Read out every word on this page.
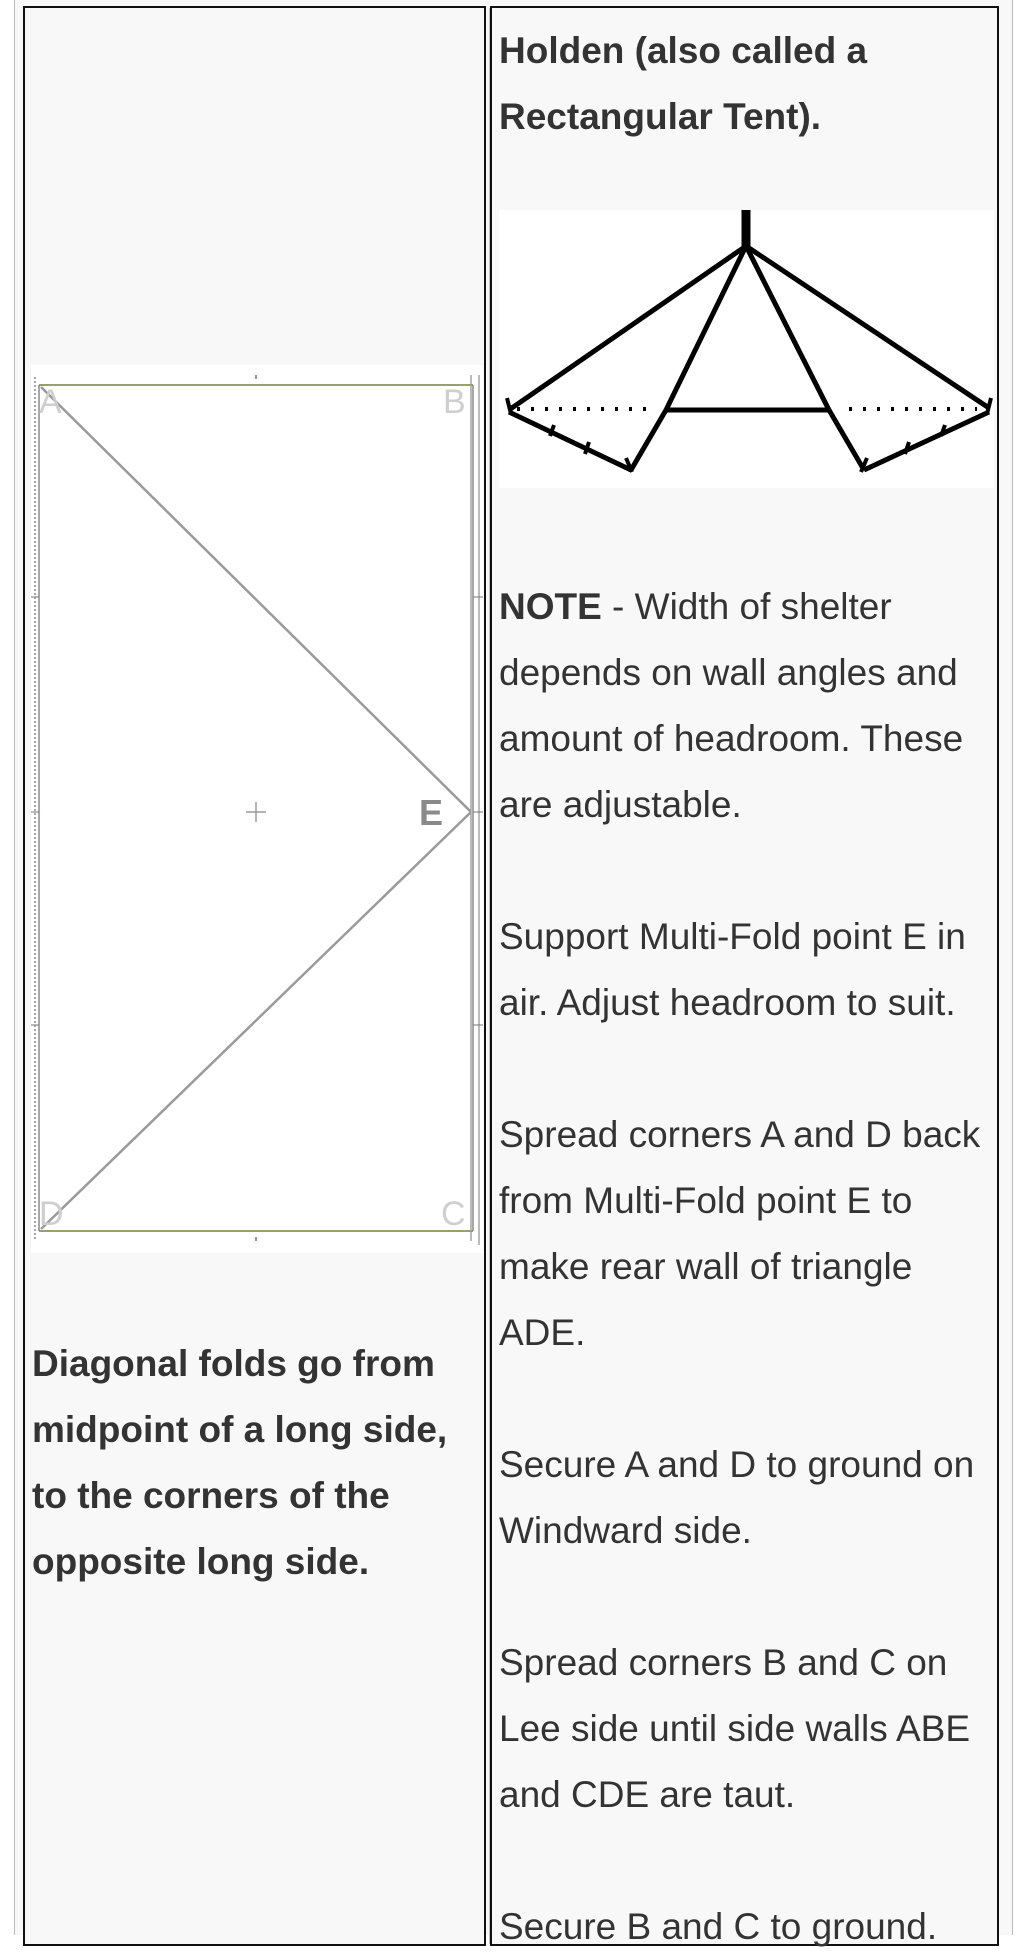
A	B
E
D	C
Diagonal folds go from midpoint of a long side, to the corners of the opposite long side.
Holden (also called a Rectangular Tent).
NOTE - Width of shelter depends on wall angles and amount of headroom. These are adjustable.
Support Multi-Fold point E in air. Adjust headroom to suit.
Spread corners A and D back from Multi-Fold point E to make rear wall of triangle ADE.
Secure A and D to ground on Windward side.
Spread corners B and C on Lee side until side walls ABE and CDE are taut.
Secure B and C to ground.
